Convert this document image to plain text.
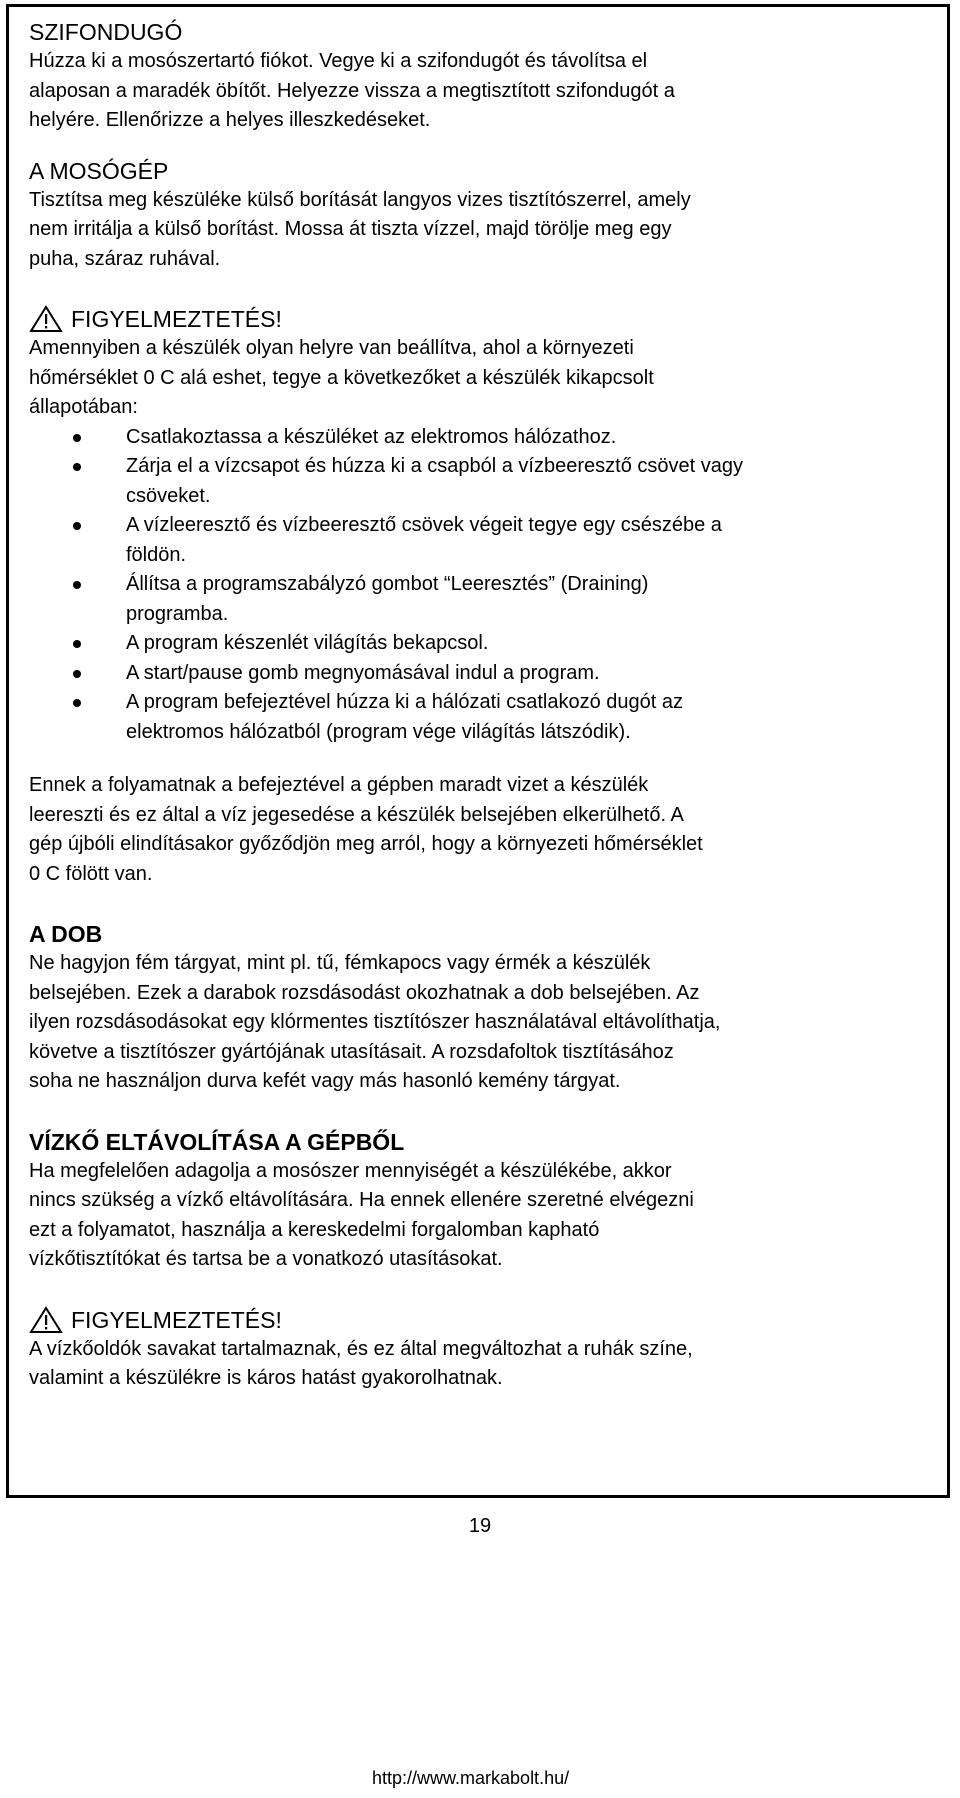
SZIFONDUGÓ
Húzza ki a mosószertartó fiókot. Vegye ki a szifondugót és távolítsa el
alaposan a maradék öbítőt. Helyezze vissza a megtisztított szifondugót a
helyére. Ellenőrizze a helyes illeszkedéseket.
A MOSÓGÉP
Tisztítsa meg készüléke külső borítását langyos vizes tisztítószerrel, amely
nem irritálja a külső borítást. Mossa át tiszta vízzel, majd törölje meg egy
puha, száraz ruhával.
FIGYELMEZTETÉS!
Amennyiben a készülék olyan helyre van beállítva, ahol a környezeti
hőmérséklet 0 C alá eshet, tegye a következőket a készülék kikapcsolt
állapotában:
Csatlakoztassa a készüléket az elektromos hálózathoz.
Zárja el a vízcsapot és húzza ki a csapból a vízbeeresztő csövet vagy
csöveket.
A vízleeresztő és vízbeeresztő csövek végeit tegye egy csészébe a
földön.
Állítsa a programszabályzó gombot “Leeresztés” (Draining)
programba.
A program készenlét világítás bekapcsol.
A start/pause gomb megnyomásával indul a program.
A program befejeztével húzza ki a hálózati csatlakozó dugót az
elektromos hálózatból (program vége világítás látszódik).
Ennek a folyamatnak a befejeztével a gépben maradt vizet a készülék
leereszti és ez által a víz jegesedése a készülék belsejében elkerülhető. A
gép újbóli elindításakor győződjön meg arról, hogy a környezeti hőmérséklet
0 C fölött van.
A DOB
Ne hagyjon fém tárgyat, mint pl. tű, fémkapocs vagy érmék a készülék
belsejében. Ezek a darabok rozsdásodást okozhatnak a dob belsejében. Az
ilyen rozsdásodásokat egy klórmentes tisztítószer használatával eltávolíthatja,
követve a tisztítószer gyártójának utasításait. A rozsdafoltok tisztításához
soha ne használjon durva kefét vagy más hasonló kemény tárgyat.
VÍZKŐ ELTÁVOLÍTÁSA A GÉPBŐL
Ha megfelelően adagolja a mosószer mennyiségét a készülékébe, akkor
nincs szükség a vízkő eltávolítására. Ha ennek ellenére szeretné elvégezni
ezt a folyamatot, használja a kereskedelmi forgalomban kapható
vízkőtisztítókat és tartsa be a vonatkozó utasításokat.
FIGYELMEZTETÉS!
A vízkőoldók savakat tartalmaznak, és ez által megváltozhat a ruhák színe,
valamint a készülékre is káros hatást gyakorolhatnak.
19
http://www.markabolt.hu/
